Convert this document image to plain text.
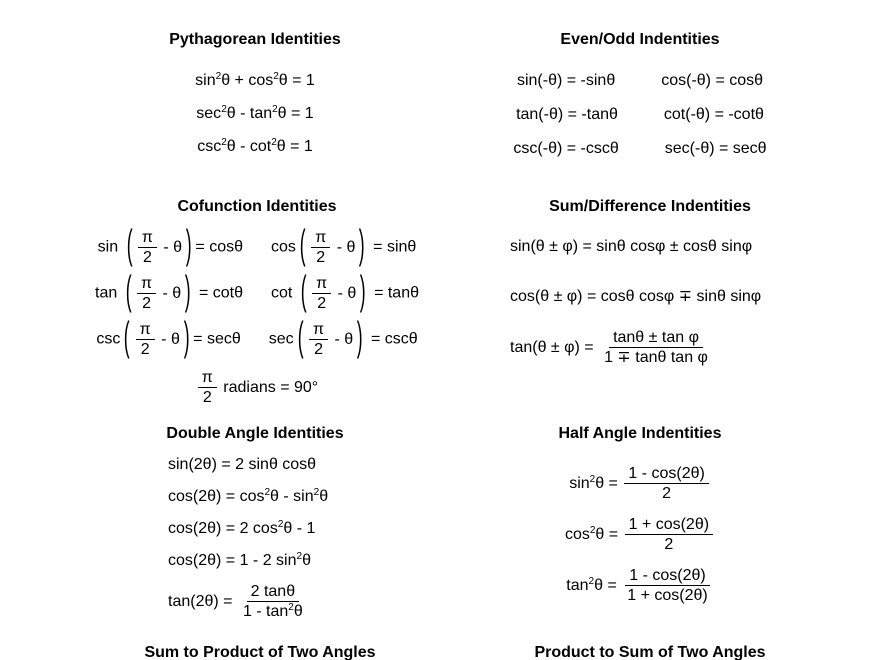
Pythagorean Identities
$\sin^2\theta + \cos^2\theta = 1$
$\sec^2\theta - \tan^2\theta = 1$
$\csc^2\theta - \cot^2\theta = 1$
Even/Odd Indentities
sin(-θ) = -sinθ	cos(-θ) = cosθ
tan(-θ) = -tanθ	cot(-θ) = -cotθ
csc(-θ) = -cscθ	sec(-θ) = secθ
Cofunction Identities
sin ( $\frac{\pi}{2}$ - θ ) = cosθ cos ( $\frac{\pi}{2}$ - θ ) = sinθ
tan ( $\frac{\pi}{2}$ - θ ) = cotθ cot ( $\frac{\pi}{2}$ - θ ) = tanθ
csc ( $\frac{\pi}{2}$ - θ ) = secθ sec ( $\frac{\pi}{2}$ - θ ) = cscθ
$\frac{\pi}{2}$ radians = 90°
Sum/Difference Indentities
sin(θ ± φ) = sinθ cosφ ± cosθ sinφ
cos(θ ± φ) = cosθ cosφ ∓ sinθ sinφ
$\tan(\theta \pm \varphi) = \frac{\text{tanθ ± tan φ}}{\text{1 ∓ tanθ tan φ}}$
Double Angle Identities
sin(2θ) = 2 sinθ cosθ
$\cos(2\theta) = \cos^2\theta - \sin^2\theta$
cos(2θ) = 2 $\cos^2\theta - 1$
cos(2θ) = 1 - 2 $\sin^2\theta$
$\tan(2\theta) = \frac{2 \tan\theta}{1 - \tan^2\theta}$
Half Angle Indentities
$\sin^2\theta = \frac{1 - \cos(2\theta)}{2}$
$\cos^2\theta = \frac{1 + \cos(2\theta)}{2}$
$\tan^2\theta = \frac{1 - \cos(2\theta)}{1 + \cos(2\theta)}$
Sum to Product of Two Angles	Product to Sum of Two Angles
